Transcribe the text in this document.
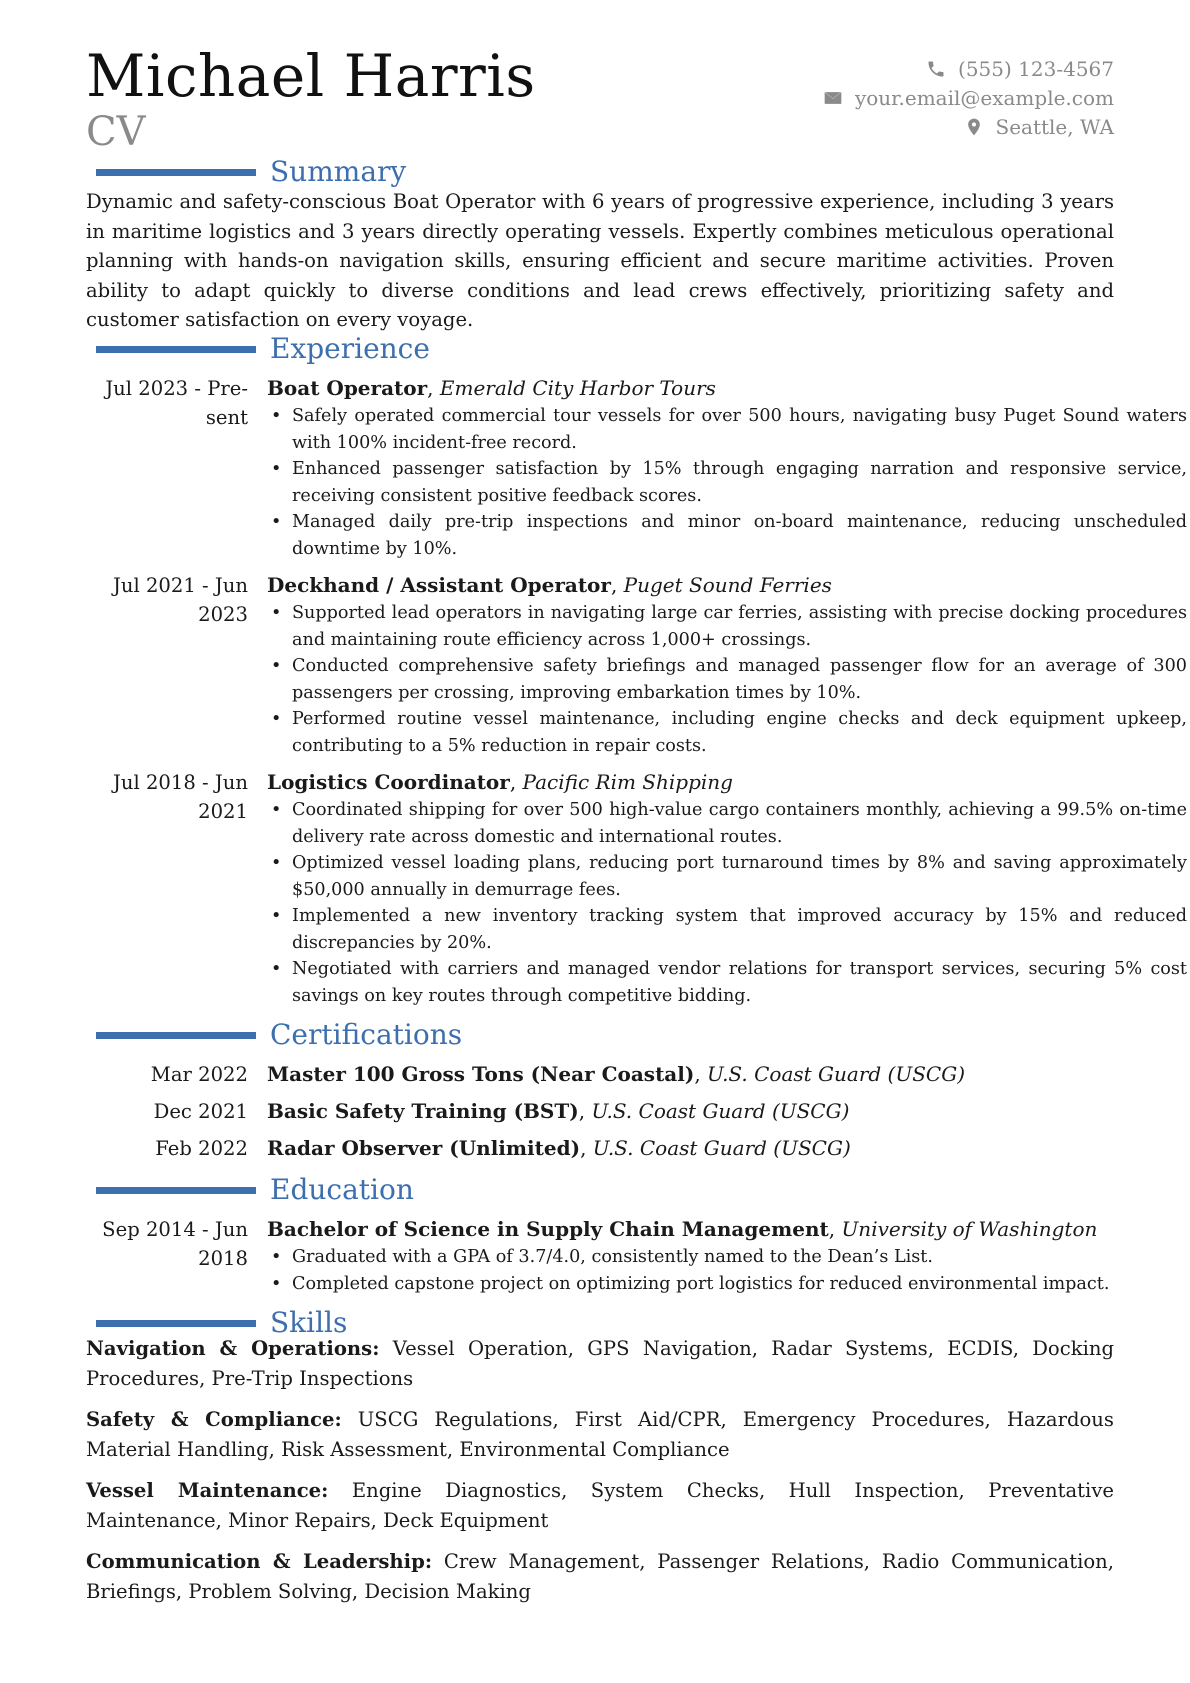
Michael Harris
CV
(555) 123-4567
your.email@example.com
Seattle, WA
Summary
Dynamic and safety-conscious Boat Operator with 6 years of progressive experience, including 3 years in maritime logistics and 3 years directly operating vessels. Expertly combines meticulous operational planning with hands-on navigation skills, ensuring efficient and secure maritime activities. Proven ability to adapt quickly to diverse conditions and lead crews effectively, prioritizing safety and customer satisfaction on every voyage.
Experience
Jul 2023 - Pre-
sent
Boat Operator, Emerald City Harbor Tours
• Safely operated commercial tour vessels for over 500 hours, navigating busy Puget Sound waters with 100% incident-free record.
• Enhanced passenger satisfaction by 15% through engaging narration and responsive service, receiving consistent positive feedback scores.
• Managed daily pre-trip inspections and minor on-board maintenance, reducing unscheduled downtime by 10%.
Jul 2021 - Jun
2023
Deckhand / Assistant Operator, Puget Sound Ferries
• Supported lead operators in navigating large car ferries, assisting with precise docking procedures and maintaining route efficiency across 1,000+ crossings.
• Conducted comprehensive safety briefings and managed passenger flow for an average of 300 passengers per crossing, improving embarkation times by 10%.
• Performed routine vessel maintenance, including engine checks and deck equipment upkeep, contributing to a 5% reduction in repair costs.
Jul 2018 - Jun
2021
Logistics Coordinator, Pacific Rim Shipping
• Coordinated shipping for over 500 high-value cargo containers monthly, achieving a 99.5% on-time delivery rate across domestic and international routes.
• Optimized vessel loading plans, reducing port turnaround times by 8% and saving approximately $50,000 annually in demurrage fees.
• Implemented a new inventory tracking system that improved accuracy by 15% and reduced discrepancies by 20%.
• Negotiated with carriers and managed vendor relations for transport services, securing 5% cost savings on key routes through competitive bidding.
Certifications
Mar 2022 Master 100 Gross Tons (Near Coastal), U.S. Coast Guard (USCG)
Dec 2021 Basic Safety Training (BST), U.S. Coast Guard (USCG)
Feb 2022 Radar Observer (Unlimited), U.S. Coast Guard (USCG)
Education
Sep 2014 - Jun
2018
Bachelor of Science in Supply Chain Management, University of Washington
• Graduated with a GPA of 3.7/4.0, consistently named to the Dean’s List.
• Completed capstone project on optimizing port logistics for reduced environmental impact.
Skills
Navigation & Operations: Vessel Operation, GPS Navigation, Radar Systems, ECDIS, Docking Procedures, Pre-Trip Inspections
Safety & Compliance: USCG Regulations, First Aid/CPR, Emergency Procedures, Hazardous Material Handling, Risk Assessment, Environmental Compliance
Vessel Maintenance: Engine Diagnostics, System Checks, Hull Inspection, Preventative Maintenance, Minor Repairs, Deck Equipment
Communication & Leadership: Crew Management, Passenger Relations, Radio Communication, Briefings, Problem Solving, Decision Making
